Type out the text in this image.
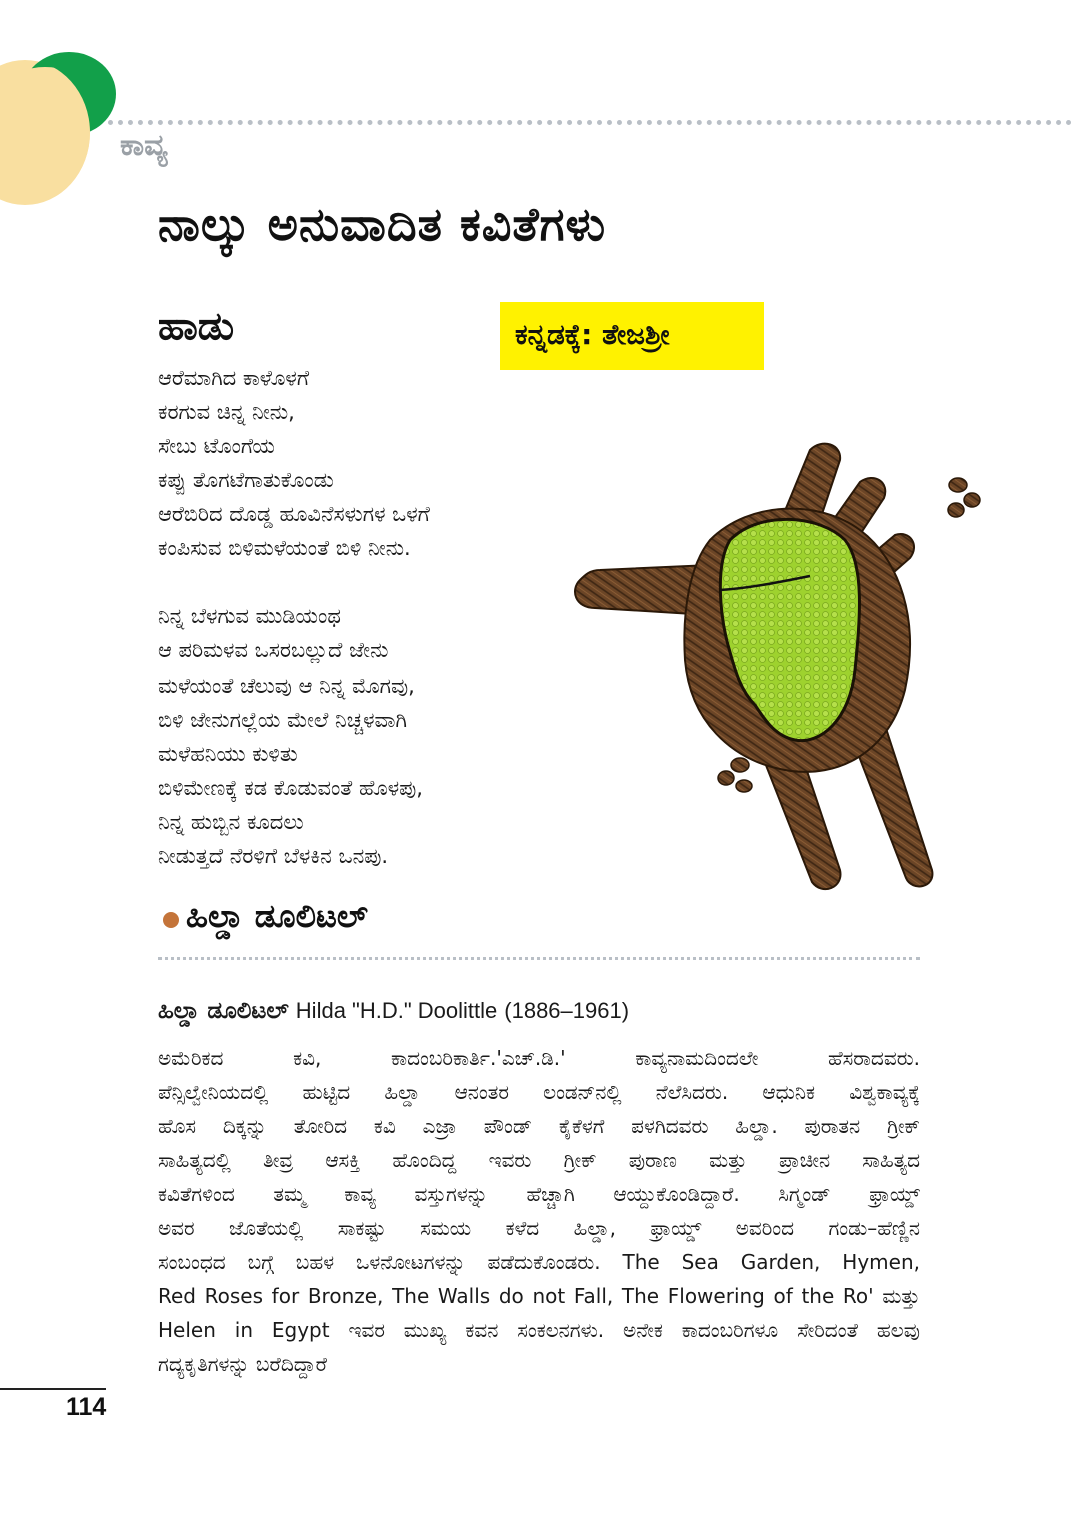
ಕಾವ್ಯ
ನಾಲ್ಕು ಅನುವಾದಿತ ಕವಿತೆಗಳು
ಹಾಡು	ಕನ್ನಡಕ್ಕೆ: ತೇಜಶ್ರೀ
ಆರೆಮಾಗಿದ ಕಾಳೊಳಗೆ
ಕರಗುವ ಚಿನ್ನ ನೀನು,
ಸೇಬು ಟೊಂಗೆಯ
ಕಪ್ಪು ತೊಗಟೆಗಾತುಕೊಂಡು
ಆರೆಬಿರಿದ ದೊಡ್ಡ ಹೂವಿನೆಸಳುಗಳ ಒಳಗೆ
ಕಂಪಿಸುವ ಬಿಳಿಮಳೆಯಂತೆ ಬಿಳಿ ನೀನು.
ನಿನ್ನ ಬೆಳಗುವ ಮುಡಿಯಂಥ
ಆ ಪರಿಮಳವ ಒಸರಬಲ್ಲುದೆ ಜೇನು
ಮಳೆಯಂತೆ ಚೆಲುವು ಆ ನಿನ್ನ ಮೊಗವು,
ಬಿಳಿ ಜೇನುಗಲ್ಲೆಯ ಮೇಲೆ ನಿಚ್ಚಳವಾಗಿ
ಮಳೆಹನಿಯು ಕುಳಿತು
ಬಿಳಿಮೇಣಕ್ಕೆ ಕಡ ಕೊಡುವಂತೆ ಹೊಳಪು,
ನಿನ್ನ ಹುಬ್ಬಿನ ಕೂದಲು
ನೀಡುತ್ತದೆ ನೆರಳಿಗೆ ಬೆಳಕಿನ ಒನಪು.
ಹಿಲ್ಡಾ ಡೂಲಿಟಲ್
ಹಿಲ್ಡಾ ಡೂಲಿಟಲ್ Hilda "H.D." Doolittle (1886–1961)
ಅಮೆರಿಕದ ಕವಿ, ಕಾದಂಬರಿಕಾರ್ತಿ.'ಎಚ್.ಡಿ.' ಕಾವ್ಯನಾಮದಿಂದಲೇ ಹೆಸರಾದವರು.
ಪೆನ್ಸಿಲ್ವೇನಿಯದಲ್ಲಿ ಹುಟ್ಟಿದ ಹಿಲ್ಡಾ ಆನಂತರ ಲಂಡನ್‌ನಲ್ಲಿ ನೆಲೆಸಿದರು. ಆಧುನಿಕ ವಿಶ್ವಕಾವ್ಯಕ್ಕೆ
ಹೊಸ ದಿಕ್ಕನ್ನು ತೋರಿದ ಕವಿ ಎಜ್ರಾ ಪೌಂಡ್ ಕೈಕೆಳಗೆ ಪಳಗಿದವರು ಹಿಲ್ಡಾ. ಪುರಾತನ ಗ್ರೀಕ್
ಸಾಹಿತ್ಯದಲ್ಲಿ ತೀವ್ರ ಆಸಕ್ತಿ ಹೊಂದಿದ್ದ ಇವರು ಗ್ರೀಕ್ ಪುರಾಣ ಮತ್ತು ಪ್ರಾಚೀನ ಸಾಹಿತ್ಯದ
ಕವಿತೆಗಳಿಂದ ತಮ್ಮ ಕಾವ್ಯ ವಸ್ತುಗಳನ್ನು ಹೆಚ್ಚಾಗಿ ಆಯ್ದುಕೊಂಡಿದ್ದಾರೆ. ಸಿಗ್ಮಂಡ್ ಫ್ರಾಯ್ಡ್
ಅವರ ಜೊತೆಯಲ್ಲಿ ಸಾಕಷ್ಟು ಸಮಯ ಕಳೆದ ಹಿಲ್ಡಾ, ಫ್ರಾಯ್ಡ್ ಅವರಿಂದ ಗಂಡು–ಹೆಣ್ಣಿನ
ಸಂಬಂಧದ ಬಗ್ಗೆ ಬಹಳ ಒಳನೋಟಗಳನ್ನು ಪಡೆದುಕೊಂಡರು. The Sea Garden, Hymen,
Red Roses for Bronze, The Walls do not Fall, The Flowering of the Ro' ಮತ್ತು
Helen in Egypt ಇವರ ಮುಖ್ಯ ಕವನ ಸಂಕಲನಗಳು. ಅನೇಕ ಕಾದಂಬರಿಗಳೂ ಸೇರಿದಂತೆ ಹಲವು
ಗದ್ಯಕೃತಿಗಳನ್ನು ಬರೆದಿದ್ದಾರೆ
114
